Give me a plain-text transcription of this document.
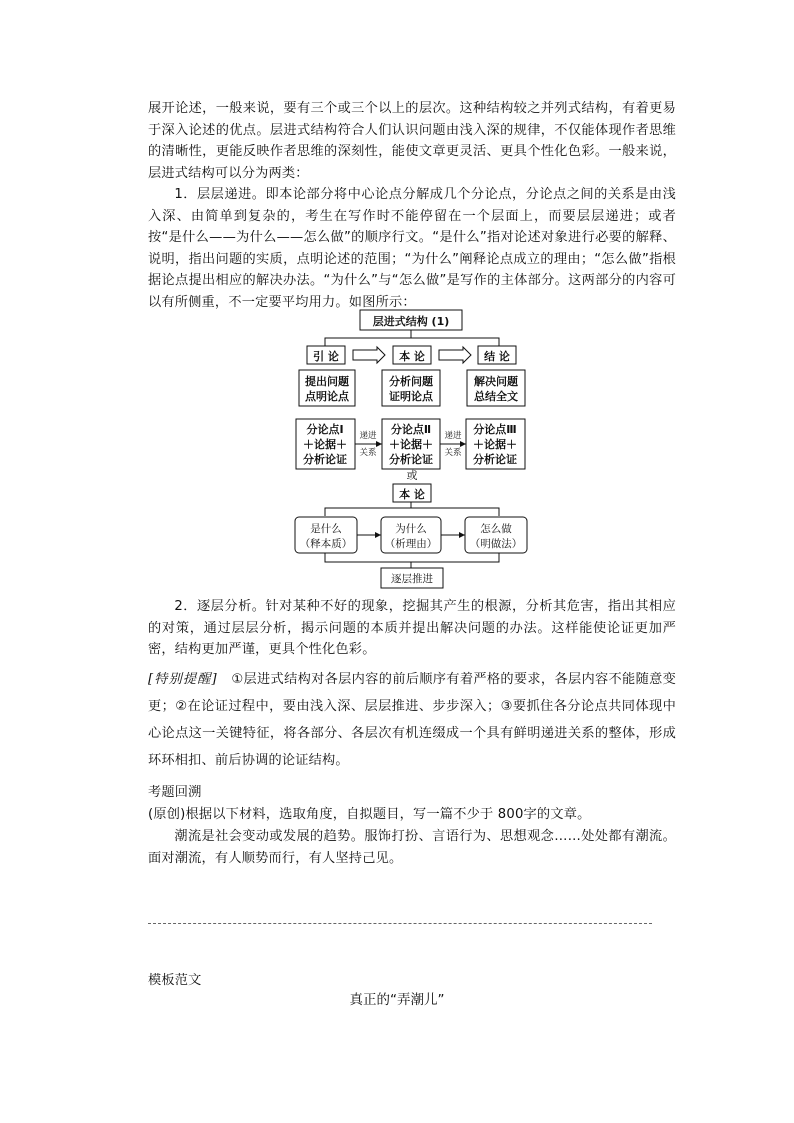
展开论述，一般来说，要有三个或三个以上的层次。这种结构较之并列式结构，有着更易于深入论述的优点。层进式结构符合人们认识问题由浅入深的规律，不仅能体现作者思维的清晰性，更能反映作者思维的深刻性，能使文章更灵活、更具个性化色彩。一般来说，层进式结构可以分为两类：

1．层层递进。即本论部分将中心论点分解成几个分论点，分论点之间的关系是由浅入深、由简单到复杂的，考生在写作时不能停留在一个层面上，而要层层递进；或者按“是什么——为什么——怎么做”的顺序行文。“是什么”指对论述对象进行必要的解释、说明，指出问题的实质，点明论述的范围；“为什么”阐释论点成立的理由；“怎么做”指根据论点提出相应的解决办法。“为什么”与“怎么做”是写作的主体部分。这两部分的内容可以有所侧重，不一定要平均用力。如图所示：

层进式结构 (1)
引 论	本 论	结 论
提出问题
点明论点
分析问题
证明论点
解决问题
总结全文
分论点Ⅰ
＋论据＋
分析论证
分论点Ⅱ
＋论据＋
分析论证
分论点Ⅲ
＋论据＋
分析论证
递进
关系
递进
关系
或
本 论
是什么
（释本质）
为什么
（析理由）
怎么做
（明做法）
逐层推进

2．逐层分析。针对某种不好的现象，挖掘其产生的根源，分析其危害，指出其相应的对策，通过层层分析，揭示问题的本质并提出解决问题的办法。这样能使论证更加严密，结构更加严谨，更具个性化色彩。

[特别提醒]　 ①层进式结构对各层内容的前后顺序有着严格的要求，各层内容不能随意变更；②在论证过程中，要由浅入深、层层推进、步步深入；③要抓住各分论点共同体现中心论点这一关键特征，将各部分、各层次有机连缀成一个具有鲜明递进关系的整体，形成环环相扣、前后协调的论证结构。

考题回溯

(原创)根据以下材料，选取角度，自拟题目，写一篇不少于 800字的文章。

潮流是社会变动或发展的趋势。服饰打扮、言语行为、思想观念……处处都有潮流。面对潮流，有人顺势而行，有人坚持己见。

模板范文

真正的“弄潮儿”
